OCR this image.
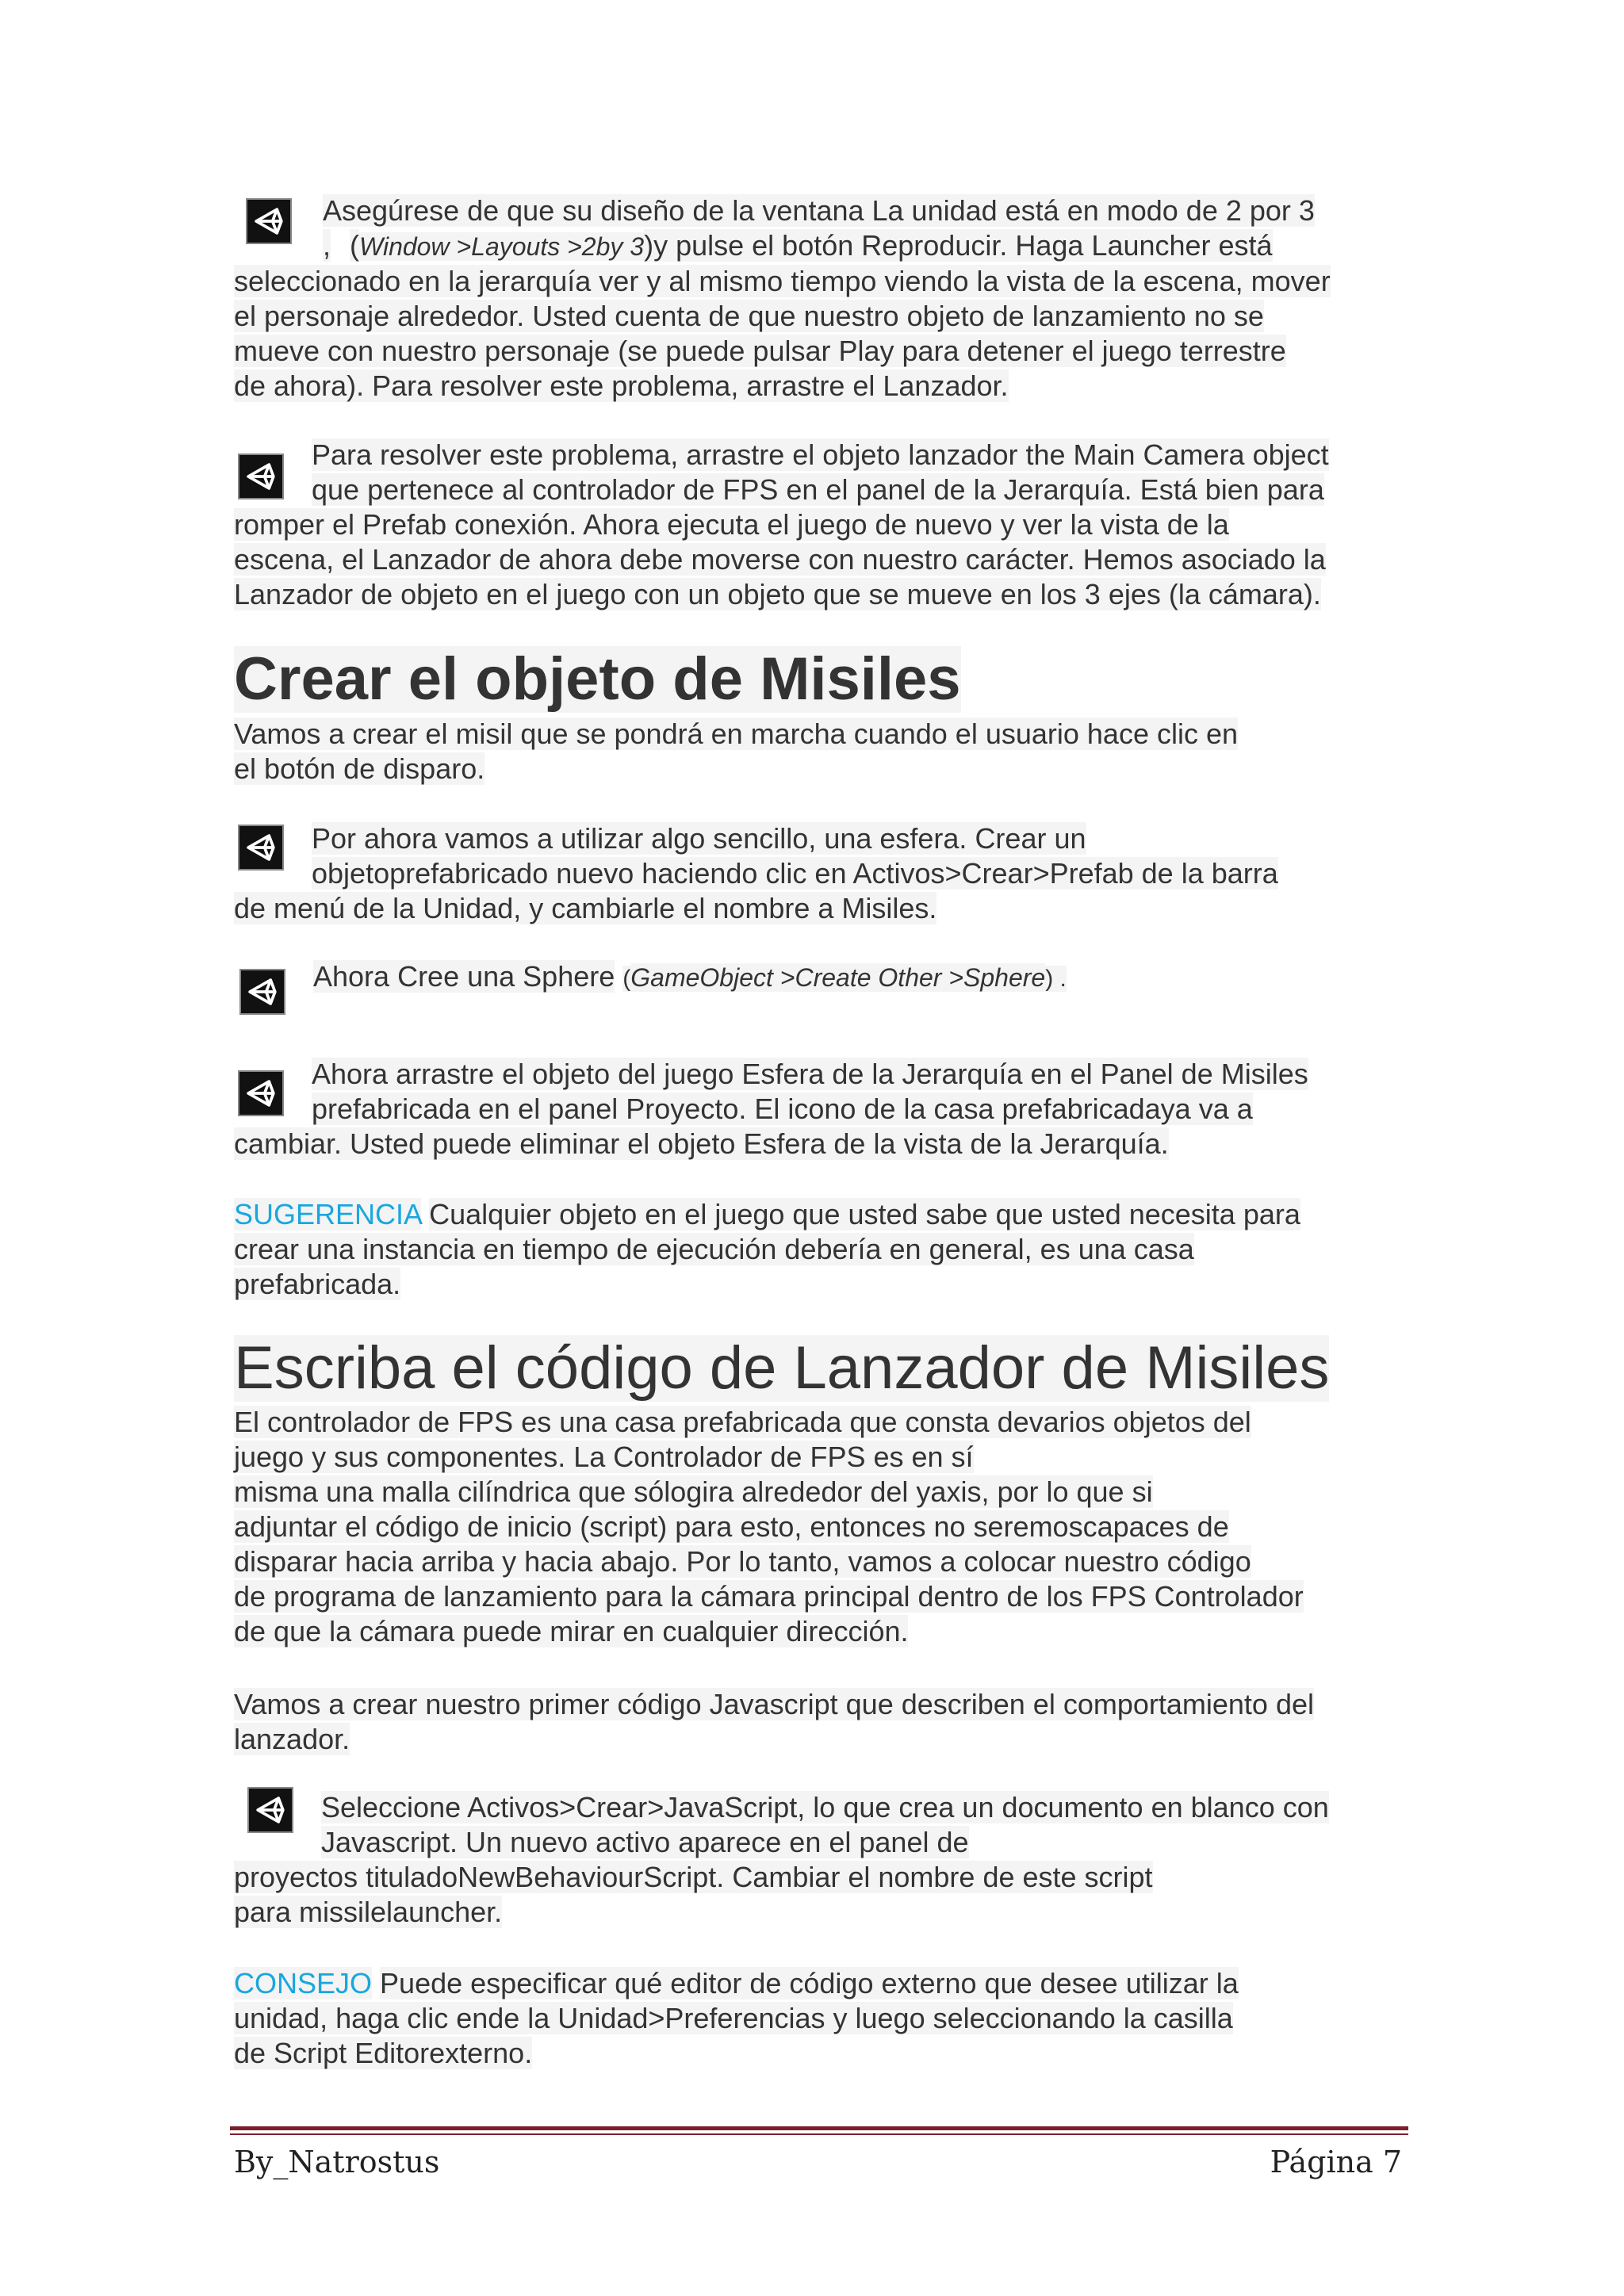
Asegúrese de que su diseño de la ventana La unidad está en modo de 2 por 3
, (Window >Layouts >2by 3)y pulse el botón Reproducir. Haga Launcher está
seleccionado en la jerarquía ver y al mismo tiempo viendo la vista de la escena, mover
el personaje alrededor. Usted cuenta de que nuestro objeto de lanzamiento no se
mueve con nuestro personaje (se puede pulsar Play para detener el juego terrestre
de ahora). Para resolver este problema, arrastre el Lanzador.
Para resolver este problema, arrastre el objeto lanzador the Main Camera object
que pertenece al controlador de FPS en el panel de la Jerarquía. Está bien para
romper el Prefab conexión. Ahora ejecuta el juego de nuevo y ver la vista de la
escena, el Lanzador de ahora debe moverse con nuestro carácter. Hemos asociado la
Lanzador de objeto en el juego con un objeto que se mueve en los 3 ejes (la cámara).
Crear el objeto de Misiles
Vamos a crear el misil que se pondrá en marcha cuando el usuario hace clic en
el botón de disparo.
Por ahora vamos a utilizar algo sencillo, una esfera. Crear un
objetoprefabricado nuevo haciendo clic en Activos>Crear>Prefab de la barra
de menú de la Unidad, y cambiarle el nombre a Misiles.
Ahora Cree una Sphere (GameObject >Create Other >Sphere) .
Ahora arrastre el objeto del juego Esfera de la Jerarquía en el Panel de Misiles
prefabricada en el panel Proyecto. El icono de la casa prefabricadaya va a
cambiar. Usted puede eliminar el objeto Esfera de la vista de la Jerarquía.
SUGERENCIA Cualquier objeto en el juego que usted sabe que usted necesita para
crear una instancia en tiempo de ejecución debería en general, es una casa
prefabricada.
Escriba el código de Lanzador de Misiles
El controlador de FPS es una casa prefabricada que consta devarios objetos del
juego y sus componentes. La Controlador de FPS es en sí
misma una malla cilíndrica que sólogira alrededor del yaxis, por lo que si
adjuntar el código de inicio (script) para esto, entonces no seremoscapaces de
disparar hacia arriba y hacia abajo. Por lo tanto, vamos a colocar nuestro código
de programa de lanzamiento para la cámara principal dentro de los FPS Controlador
de que la cámara puede mirar en cualquier dirección.
Vamos a crear nuestro primer código Javascript que describen el comportamiento del
lanzador.
Seleccione Activos>Crear>JavaScript, lo que crea un documento en blanco con
Javascript. Un nuevo activo aparece en el panel de
proyectos tituladoNewBehaviourScript. Cambiar el nombre de este script
para missilelauncher.
CONSEJO Puede especificar qué editor de código externo que desee utilizar la
unidad, haga clic ende la Unidad>Preferencias y luego seleccionando la casilla
de Script Editorexterno.
By_Natrostus	Página 7
